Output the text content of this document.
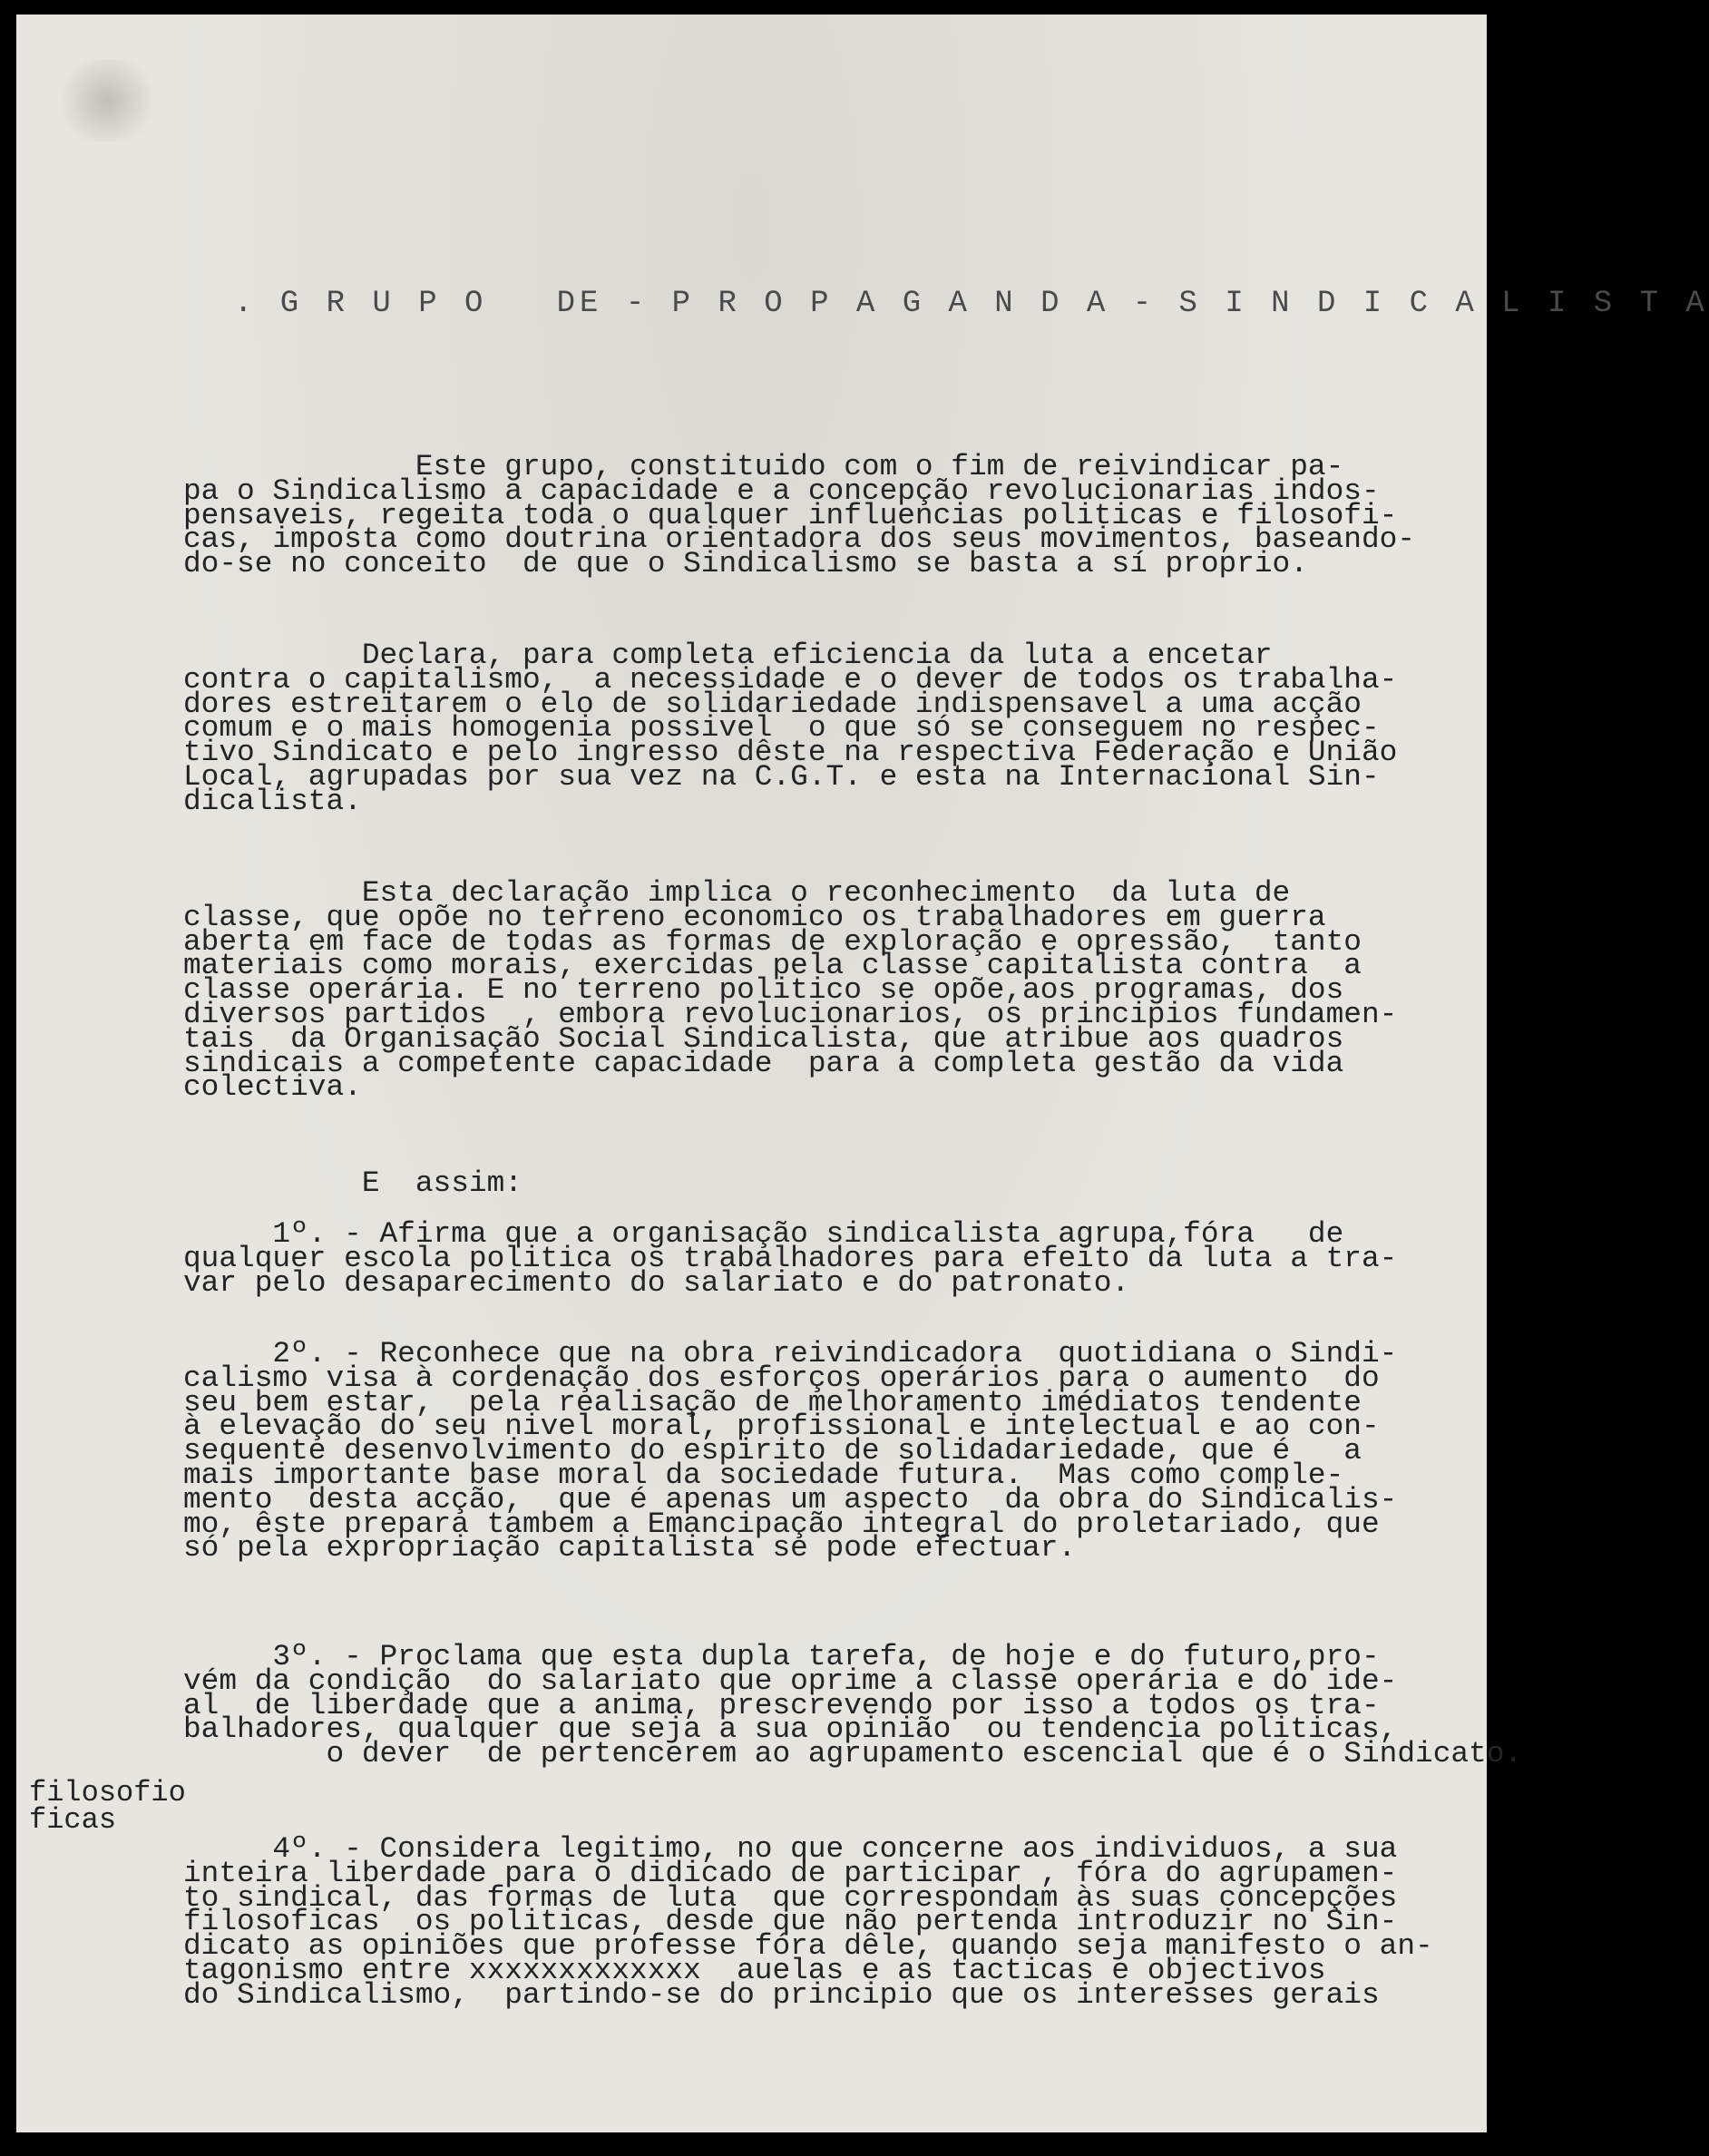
. G R U P O   DE - P R O P A G A N D A - S I N D I C A L I S T A

Este grupo, constituido com o fim de reivindicar pa-
pa o Sindicalismo a capacidade e a concepção revolucionarias indos-
pensaveis, regeita toda o qualquer influencias politicas e filosofi-
cas, imposta como doutrina orientadora dos seus movimentos, baseando-
do-se no conceito  de que o Sindicalismo se basta a sí proprio.

Declara, para completa eficiencia da luta a encetar
contra o capitalismo,  a necessidade e o dever de todos os trabalha-
dores estreitarem o elo de solidariedade indispensavel a uma acção
comum e o mais homogenia possivel  o que só se conseguem no respec-
tivo Sindicato e pelo ingresso dêste na respectiva Federação e União
Local, agrupadas por sua vez na C.G.T. e esta na Internacional Sin-
dicalista.

Esta declaração implica o reconhecimento  da luta de
classe, que opõe no terreno economico os trabalhadores em guerra
aberta em face de todas as formas de exploração e opressão,  tanto
materiais como morais, exercidas pela classe capitalista contra  a
classe operária. E no terreno politico se opõe,aos programas, dos
diversos partidos  , embora revolucionarios, os principios fundamen-
tais  da Organisação Social Sindicalista, que atribue aos quadros
sindicais a competente capacidade  para a completa gestão da vida
colectiva.

E  assim:

1º. - Afirma que a organisação sindicalista agrupa,fóra   de
qualquer escola politica os trabalhadores para efeito da luta a tra-
var pelo desaparecimento do salariato e do patronato.

2º. - Reconhece que na obra reivindicadora  quotidiana o Sindi-
calismo visa à cordenação dos esforços operários para o aumento  do
seu bem estar,  pela realisação de melhoramento imédiatos tendente
à elevação do seu nivel moral, profissional e intelectual e ao con-
sequente desenvolvimento do espirito de solidadariedade, que é   a
mais importante base moral da sociedade futura.  Mas como comple-
mento  desta acção,  que é apenas um aspecto  da obra do Sindicalis-
mo, êste prepara tambem a Emancipação integral do proletariado, que
só pela expropriação capitalista se pode efectuar.

3º. - Proclama que esta dupla tarefa, de hoje e do futuro,pro-
vém da condição  do salariato que oprime a classe operária e do ide-
al  de liberdade que a anima, prescrevendo por isso a todos os tra-
balhadores, qualquer que seja a sua opinião  ou tendencia politicas,
o dever  de pertencerem ao agrupamento escencial que é o Sindicato.

4º. - Considera legitimo, no que concerne aos individuos, a sua
inteira liberdade para o didicado de participar , fóra do agrupamen-
to sindical, das formas de luta  que correspondam às suas concepções
filosoficas  os politicas, desde que não pertenda introduzir no Sin-
dicato as opiniões que professe fóra dêle, quando seja manifesto o an-
tagonismo entre xxxxxxxxxxxxx  auelas e as tacticas e objectivos
do Sindicalismo,  partindo-se do principio que os interesses gerais

filosofio
ficas
